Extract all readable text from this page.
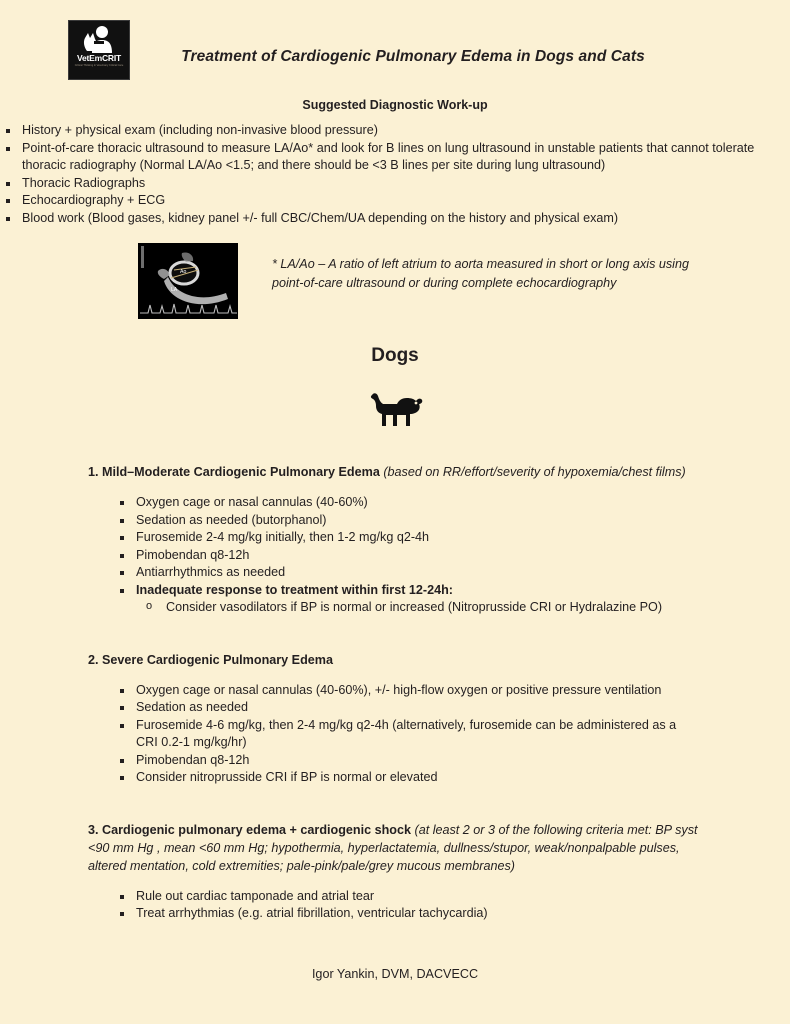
VetEmCRIT
Critical Thinking in Veterinary Critical Care
Treatment of Cardiogenic Pulmonary Edema in Dogs and Cats
Suggested Diagnostic Work-up
History + physical exam (including non-invasive blood pressure)
Point-of-care thoracic ultrasound to measure LA/Ao* and look for B lines on lung ultrasound in unstable patients that cannot tolerate thoracic radiography (Normal LA/Ao <1.5; and there should be <3 B lines per site during lung ultrasound)
Thoracic Radiographs
Echocardiography + ECG
Blood work (Blood gases, kidney panel +/- full CBC/Chem/UA depending on the history and physical exam)
Ao
LA
* LA/Ao – A ratio of left atrium to aorta measured in short or long axis using point-of-care ultrasound or during complete echocardiography
Dogs
1. Mild–Moderate Cardiogenic Pulmonary Edema (based on RR/effort/severity of hypoxemia/chest films)
Oxygen cage or nasal cannulas (40-60%)
Sedation as needed (butorphanol)
Furosemide 2-4 mg/kg initially, then 1-2 mg/kg q2-4h
Pimobendan q8-12h
Antiarrhythmics as needed
Inadequate response to treatment within first 12-24h:
o Consider vasodilators if BP is normal or increased (Nitroprusside CRI or Hydralazine PO)
2. Severe Cardiogenic Pulmonary Edema
Oxygen cage or nasal cannulas (40-60%), +/- high-flow oxygen or positive pressure ventilation
Sedation as needed
Furosemide 4-6 mg/kg, then 2-4 mg/kg q2-4h (alternatively, furosemide can be administered as a CRI 0.2-1 mg/kg/hr)
Pimobendan q8-12h
Consider nitroprusside CRI if BP is normal or elevated
3. Cardiogenic pulmonary edema + cardiogenic shock (at least 2 or 3 of the following criteria met: BP syst <90 mm Hg , mean <60 mm Hg; hypothermia, hyperlactatemia, dullness/stupor, weak/nonpalpable pulses, altered mentation, cold extremities; pale-pink/pale/grey mucous membranes)
Rule out cardiac tamponade and atrial tear
Treat arrhythmias (e.g. atrial fibrillation, ventricular tachycardia)
Igor Yankin, DVM, DACVECC
